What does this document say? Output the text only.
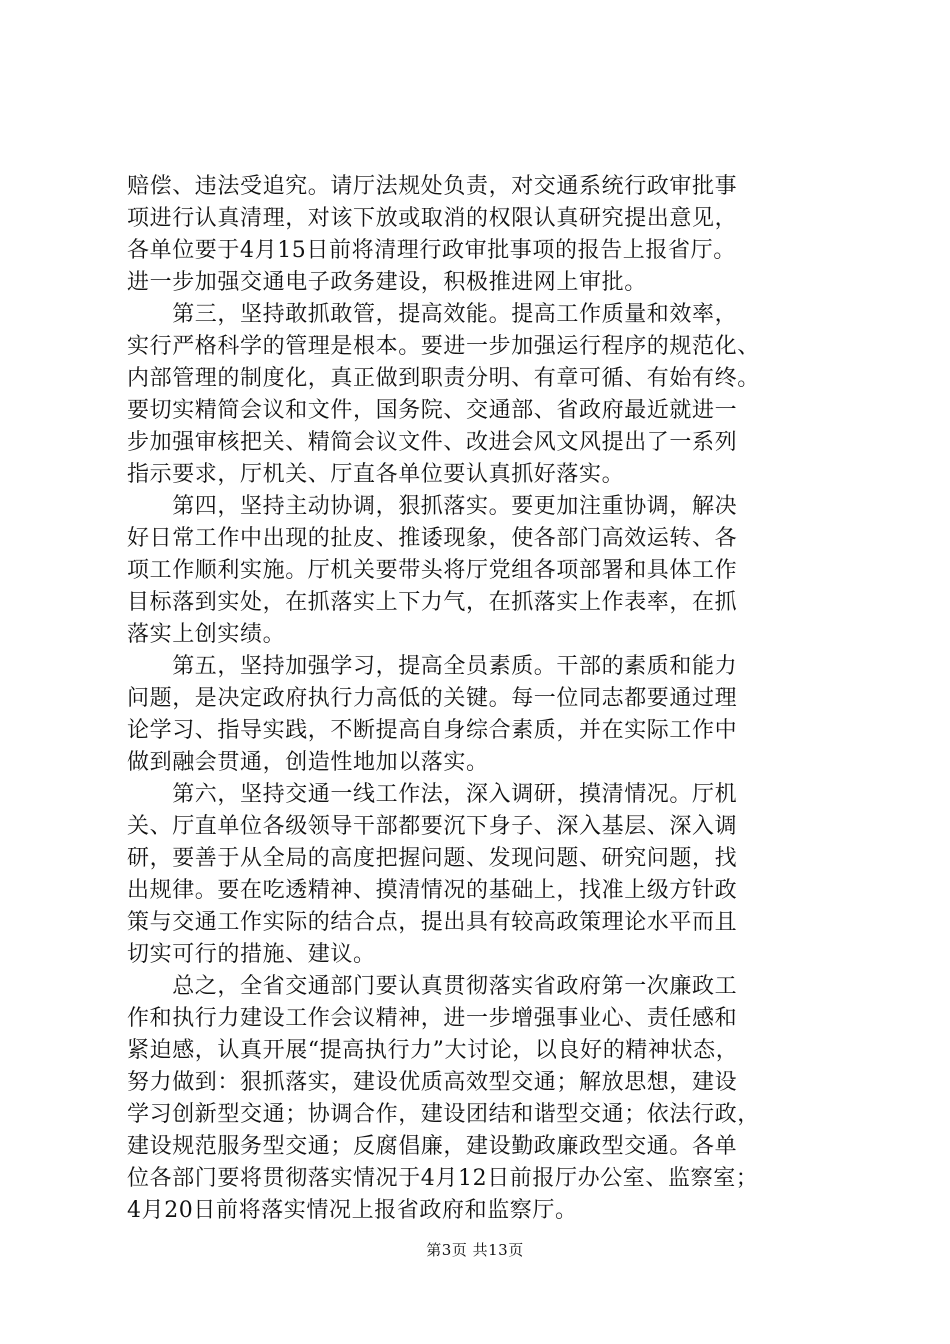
赔偿、违法受追究。请厅法规处负责，对交通系统行政审批事
项进行认真清理，对该下放或取消的权限认真研究提出意见，
各单位要于4月15日前将清理行政审批事项的报告上报省厅。
进一步加强交通电子政务建设，积极推进网上审批。
　　第三，坚持敢抓敢管，提高效能。提高工作质量和效率，
实行严格科学的管理是根本。要进一步加强运行程序的规范化、
内部管理的制度化，真正做到职责分明、有章可循、有始有终。
要切实精简会议和文件，国务院、交通部、省政府最近就进一
步加强审核把关、精简会议文件、改进会风文风提出了一系列
指示要求，厅机关、厅直各单位要认真抓好落实。
　　第四，坚持主动协调，狠抓落实。要更加注重协调，解决
好日常工作中出现的扯皮、推诿现象，使各部门高效运转、各
项工作顺利实施。厅机关要带头将厅党组各项部署和具体工作
目标落到实处，在抓落实上下力气，在抓落实上作表率，在抓
落实上创实绩。
　　第五，坚持加强学习，提高全员素质。干部的素质和能力
问题，是决定政府执行力高低的关键。每一位同志都要通过理
论学习、指导实践，不断提高自身综合素质，并在实际工作中
做到融会贯通，创造性地加以落实。
　　第六，坚持交通一线工作法，深入调研，摸清情况。厅机
关、厅直单位各级领导干部都要沉下身子、深入基层、深入调
研，要善于从全局的高度把握问题、发现问题、研究问题，找
出规律。要在吃透精神、摸清情况的基础上，找准上级方针政
策与交通工作实际的结合点，提出具有较高政策理论水平而且
切实可行的措施、建议。
　　总之，全省交通部门要认真贯彻落实省政府第一次廉政工
作和执行力建设工作会议精神，进一步增强事业心、责任感和
紧迫感，认真开展“提高执行力”大讨论，以良好的精神状态，
努力做到：狠抓落实，建设优质高效型交通；解放思想，建设
学习创新型交通；协调合作，建设团结和谐型交通；依法行政，
建设规范服务型交通；反腐倡廉，建设勤政廉政型交通。各单
位各部门要将贯彻落实情况于4月12日前报厅办公室、监察室；
4月20日前将落实情况上报省政府和监察厅。
第3页 共13页
